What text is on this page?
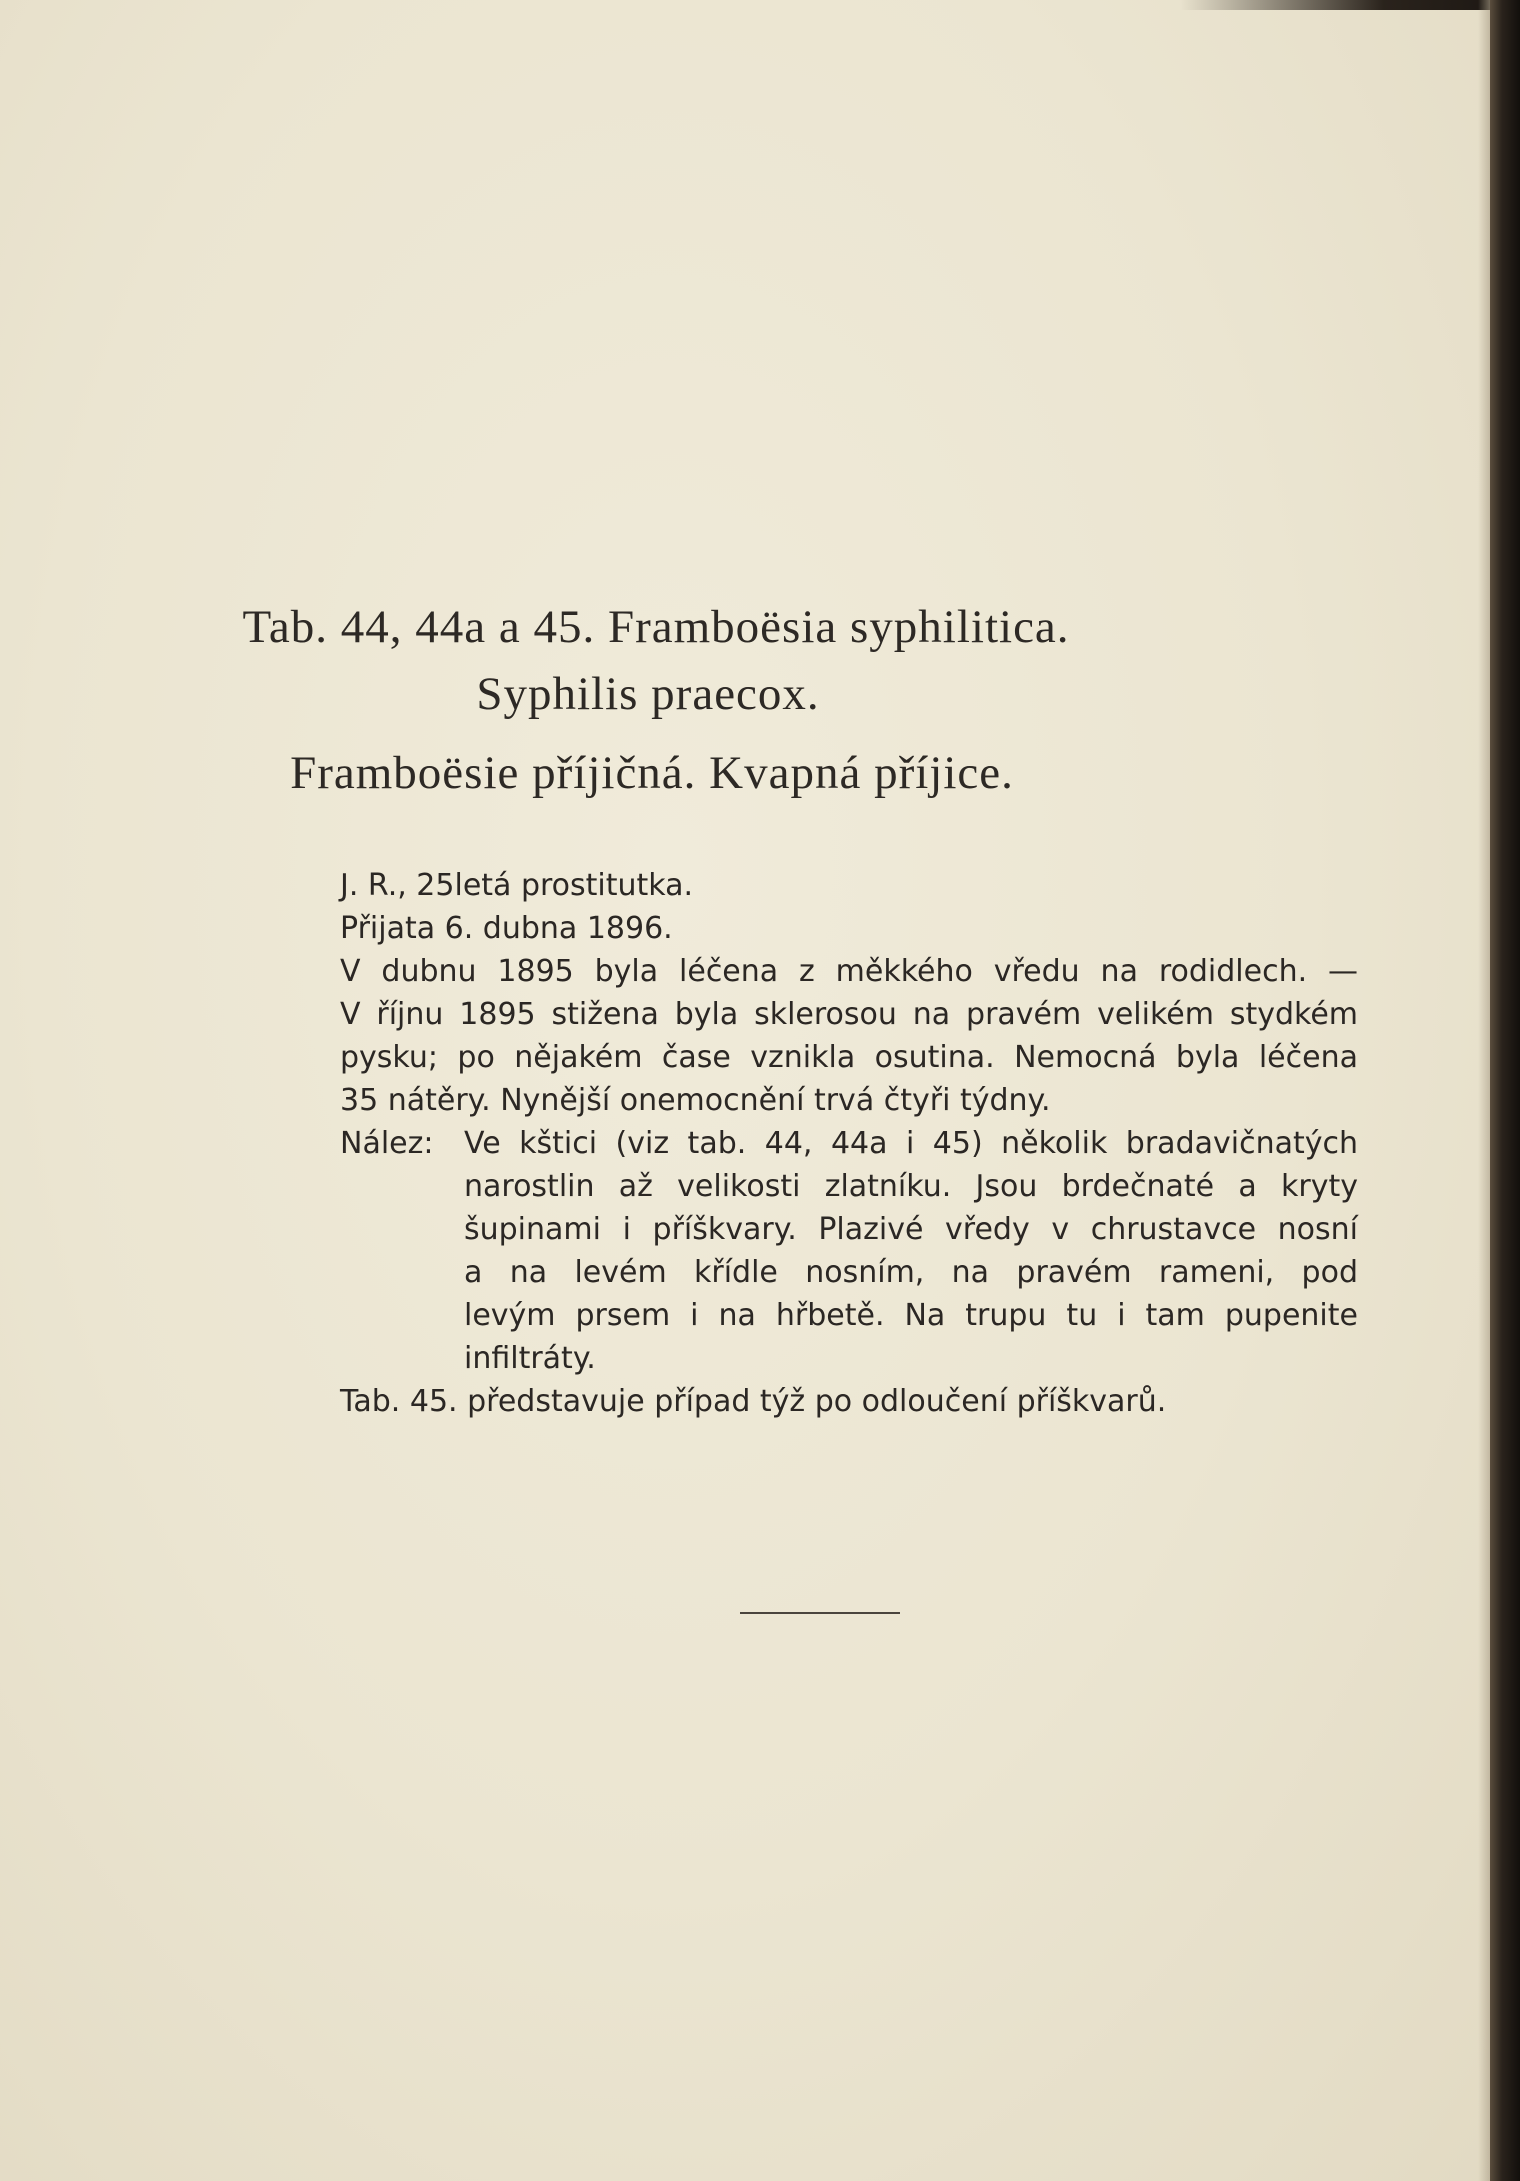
Tab. 44, 44a a 45. Framboësia syphilitica.
Syphilis praecox.
Framboësie příjičná. Kvapná příjice.
J. R., 25letá prostitutka.
Přijata 6. dubna 1896.
V dubnu 1895 byla léčena z měkkého vředu na rodidlech. —
V říjnu 1895 stižena byla sklerosou na pravém velikém stydkém
pysku; po nějakém čase vznikla osutina. Nemocná byla léčena
35 nátěry. Nynější onemocnění trvá čtyři týdny.
Nález:	Ve kštici (viz tab. 44, 44a i 45) několik bradavičnatých
narostlin až velikosti zlatníku. Jsou brdečnaté a kryty
šupinami i příškvary. Plazivé vředy v chrustavce nosní
a na levém křídle nosním, na pravém rameni, pod
levým prsem i na hřbetě. Na trupu tu i tam pupenite
infiltráty.
Tab. 45. představuje případ týž po odloučení příškvarů.
